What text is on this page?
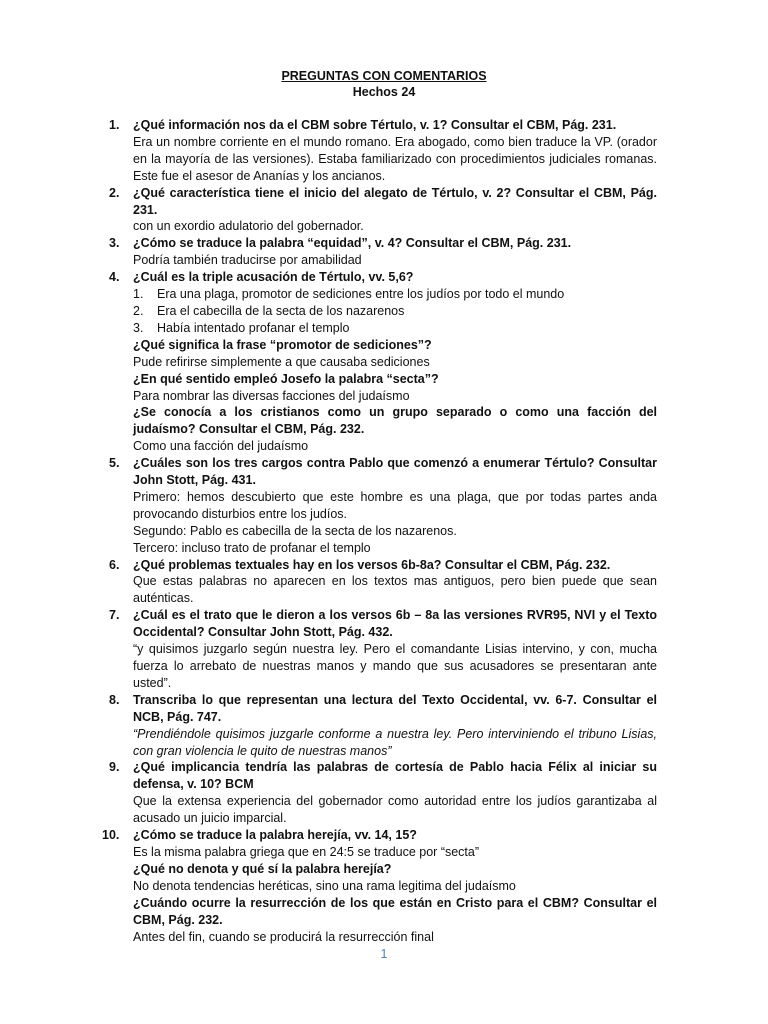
PREGUNTAS CON COMENTARIOS
Hechos 24
1. ¿Qué información nos da el CBM sobre Tértulo, v. 1? Consultar el CBM, Pág. 231.
Era un nombre corriente en el mundo romano. Era abogado, como bien traduce la VP. (orador en la mayoría de las versiones). Estaba familiarizado con procedimientos judiciales romanas. Este fue el asesor de Ananías y los ancianos.
2. ¿Qué característica tiene el inicio del alegato de Tértulo, v. 2? Consultar el CBM, Pág. 231.
con un exordio adulatorio del gobernador.
3. ¿Cómo se traduce la palabra “equidad”, v. 4? Consultar el CBM, Pág. 231.
Podría también traducirse por amabilidad
4. ¿Cuál es la triple acusación de Tértulo, vv. 5,6?
1. Era una plaga, promotor de sediciones entre los judíos por todo el mundo
2. Era el cabecilla de la secta de los nazarenos
3. Había intentado profanar el templo
¿Qué significa la frase “promotor de sediciones”?
Pude refirirse simplemente a que causaba sediciones
¿En qué sentido empleó Josefo la palabra “secta”?
Para nombrar las diversas facciones del judaísmo
¿Se conocía a los cristianos como un grupo separado o como una facción del judaísmo? Consultar el CBM, Pág. 232.
Como una facción del judaísmo
5. ¿Cuáles son los tres cargos contra Pablo que comenzó a enumerar Tértulo? Consultar John Stott, Pág. 431.
Primero: hemos descubierto que este hombre es una plaga, que por todas partes anda provocando disturbios entre los judíos.
Segundo: Pablo es cabecilla de la secta de los nazarenos.
Tercero: incluso trato de profanar el templo
6. ¿Qué problemas textuales hay en los versos 6b-8a? Consultar el CBM, Pág. 232.
Que estas palabras no aparecen en los textos mas antiguos, pero bien puede que sean auténticas.
7. ¿Cuál es el trato que le dieron a los versos 6b – 8a las versiones RVR95, NVI y el Texto Occidental? Consultar John Stott, Pág. 432.
“y quisimos juzgarlo según nuestra ley. Pero el comandante Lisias intervino, y con, mucha fuerza lo arrebato de nuestras manos y mando que sus acusadores se presentaran ante usted”.
8. Transcriba lo que representan una lectura del Texto Occidental, vv. 6-7. Consultar el NCB, Pág. 747.
“Prendiéndole quisimos juzgarle conforme a nuestra ley. Pero interviniendo el tribuno Lisias, con gran violencia le quito de nuestras manos”
9. ¿Qué implicancia tendría las palabras de cortesía de Pablo hacia Félix al iniciar su defensa, v. 10? BCM
Que la extensa experiencia del gobernador como autoridad entre los judíos garantizaba al acusado un juicio imparcial.
10. ¿Cómo se traduce la palabra herejía, vv. 14, 15?
Es la misma palabra griega que en 24:5 se traduce por “secta”
¿Qué no denota y qué sí la palabra herejía?
No denota tendencias heréticas, sino una rama legitima del judaísmo
¿Cuándo ocurre la resurrección de los que están en Cristo para el CBM? Consultar el CBM, Pág. 232.
Antes del fin, cuando se producirá la resurrección final
1
